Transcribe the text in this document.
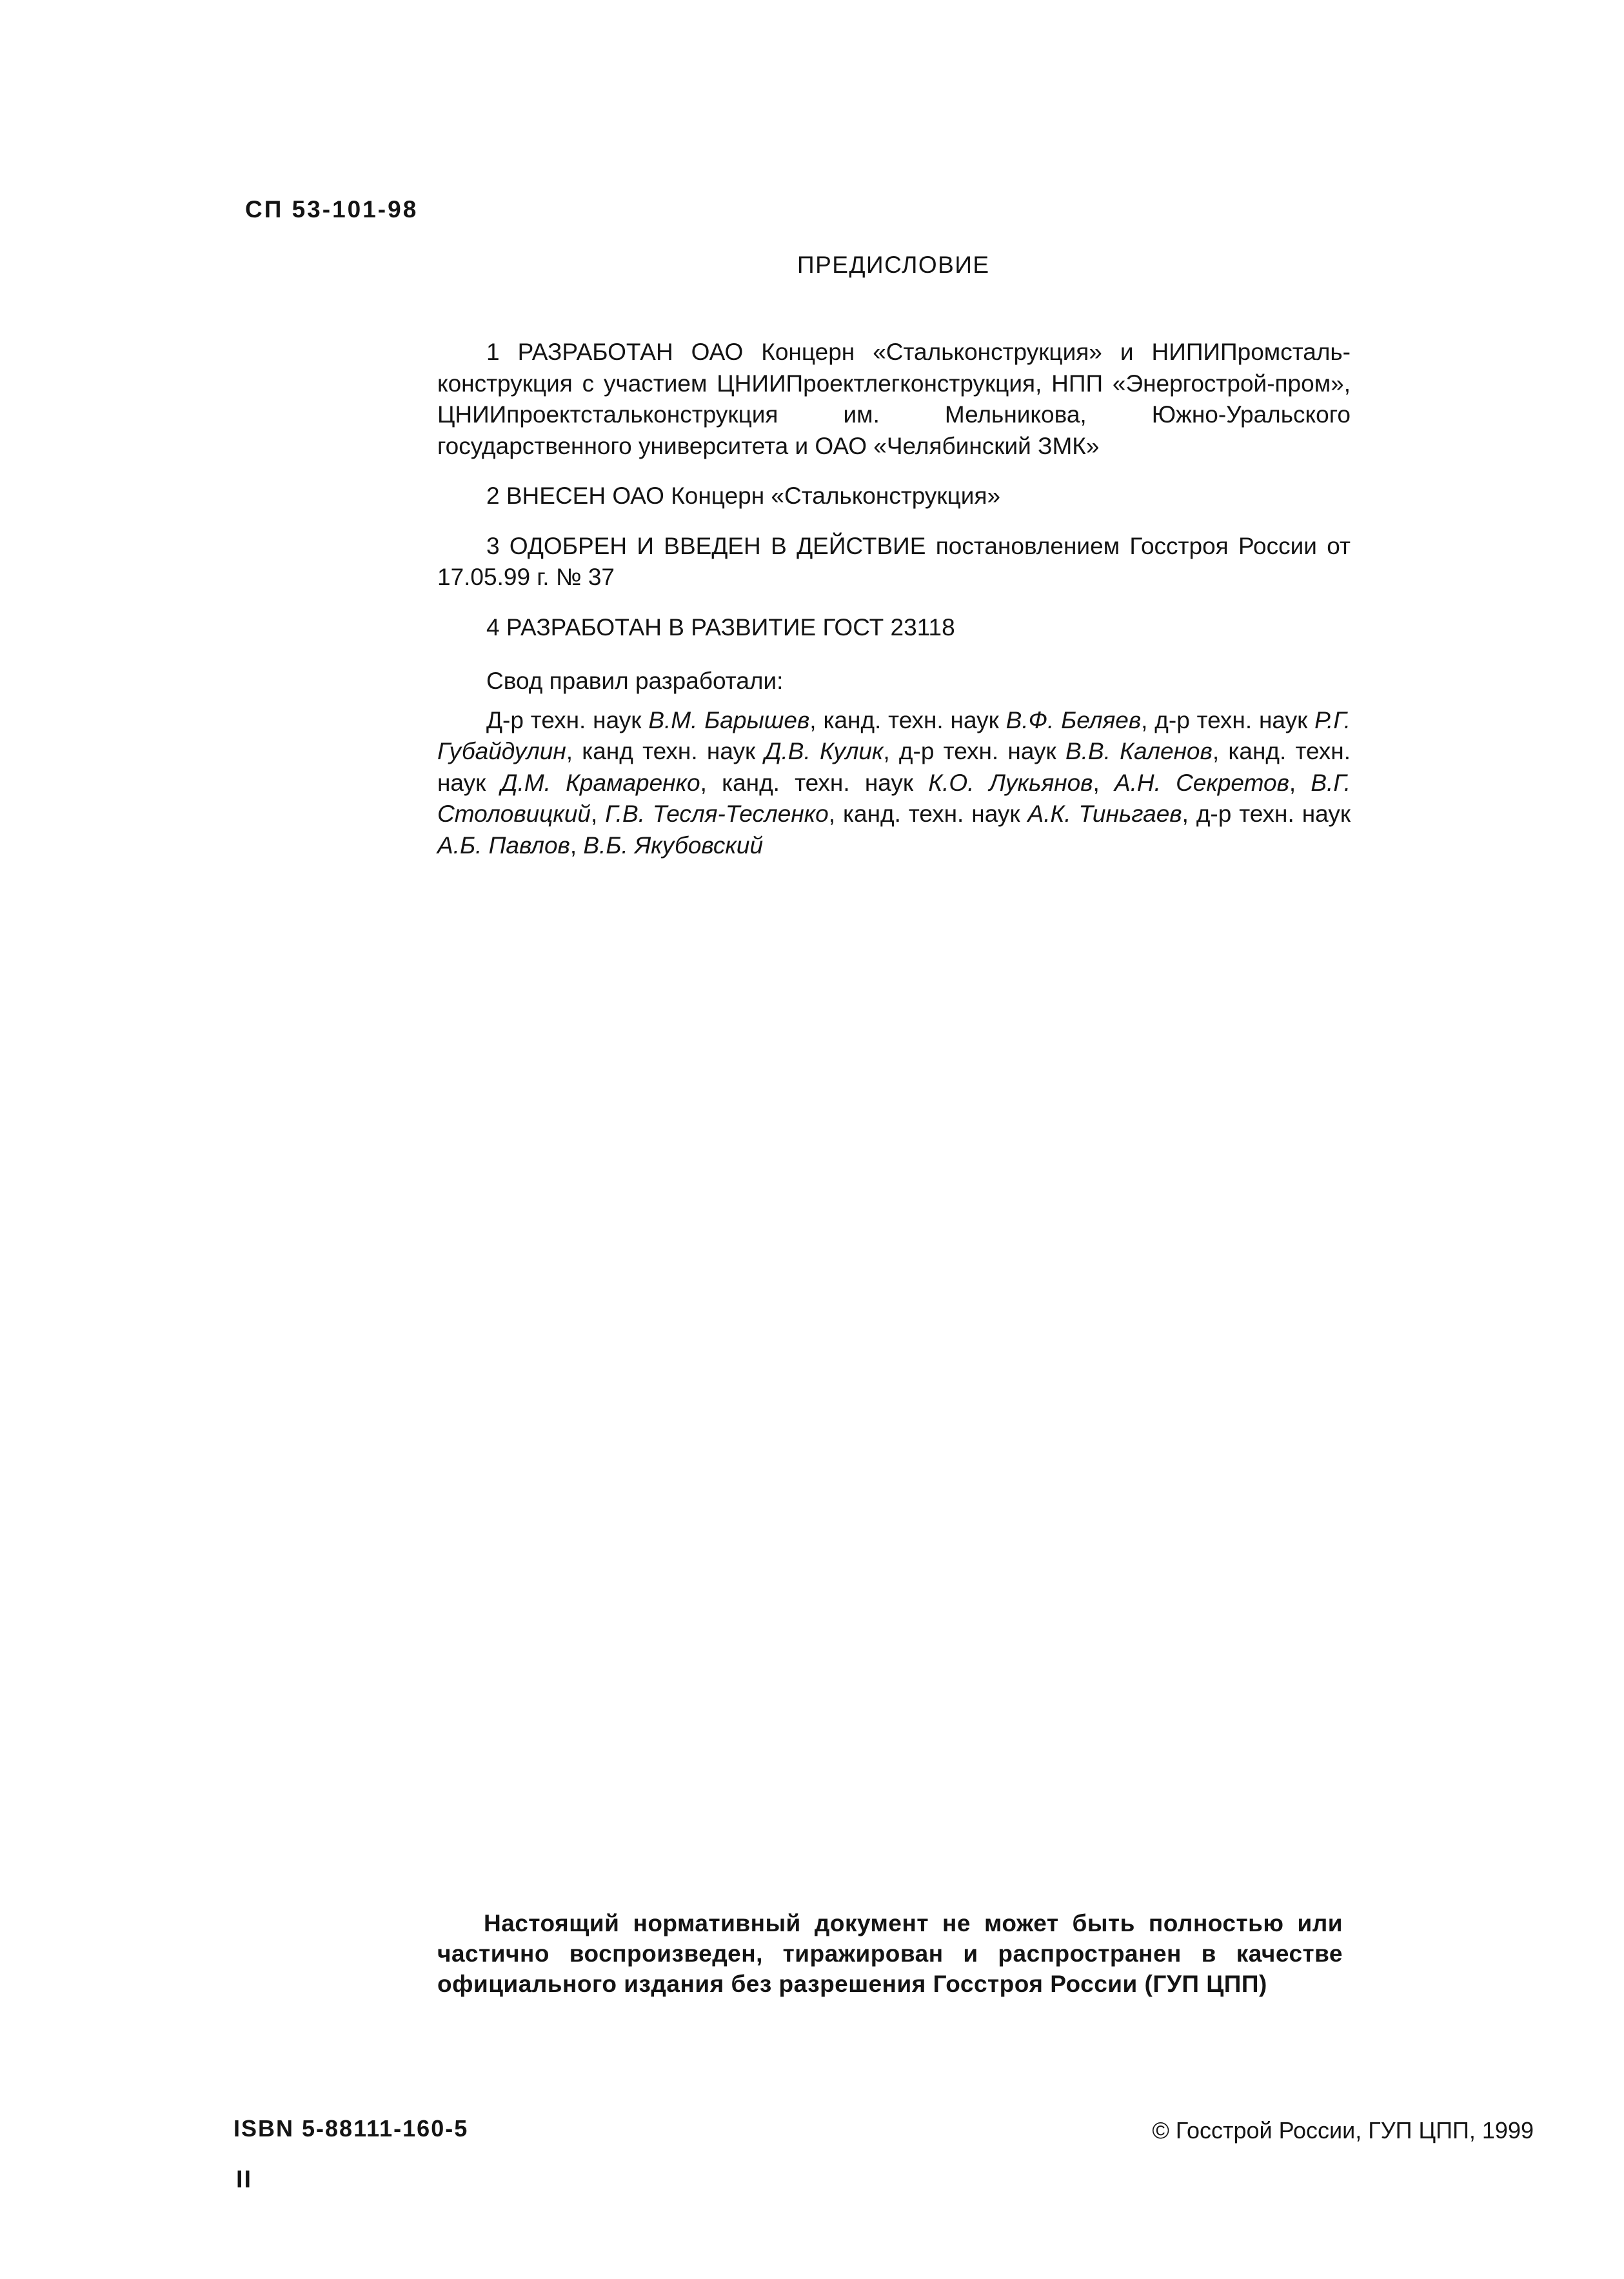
СП 53-101-98
ПРЕДИСЛОВИЕ

1 РАЗРАБОТАН ОАО Концерн «Стальконструкция» и НИПИПромсталь-конструкция с участием ЦНИИПроектлегконструкция, НПП «Энергострой-пром», ЦНИИпроектстальконструкция им. Мельникова, Южно-Уральского государственного университета и ОАО «Челябинский ЗМК»

2 ВНЕСЕН ОАО Концерн «Стальконструкция»

3 ОДОБРЕН И ВВЕДЕН В ДЕЙСТВИЕ постановлением Госстроя России от 17.05.99 г. № 37

4 РАЗРАБОТАН В РАЗВИТИЕ ГОСТ 23118

Свод правил разработали:

Д-р техн. наук В.М. Барышев, канд. техн. наук В.Ф. Беляев, д-р техн. наук Р.Г. Губайдулин, канд техн. наук Д.В. Кулик, д-р техн. наук В.В. Каленов, канд. техн. наук Д.М. Крамаренко, канд. техн. наук К.О. Лукьянов, А.Н. Секретов, В.Г. Столовицкий, Г.В. Тесля-Тесленко, канд. техн. наук А.К. Тиньгаев, д-р техн. наук А.Б. Павлов, В.Б. Якубовский

Настоящий нормативный документ не может быть полностью или частично воспроизведен, тиражирован и распространен в качестве официального издания без разрешения Госстроя России (ГУП ЦПП)
ISBN 5-88111-160-5	© Госстрой России, ГУП ЦПП, 1999
II
